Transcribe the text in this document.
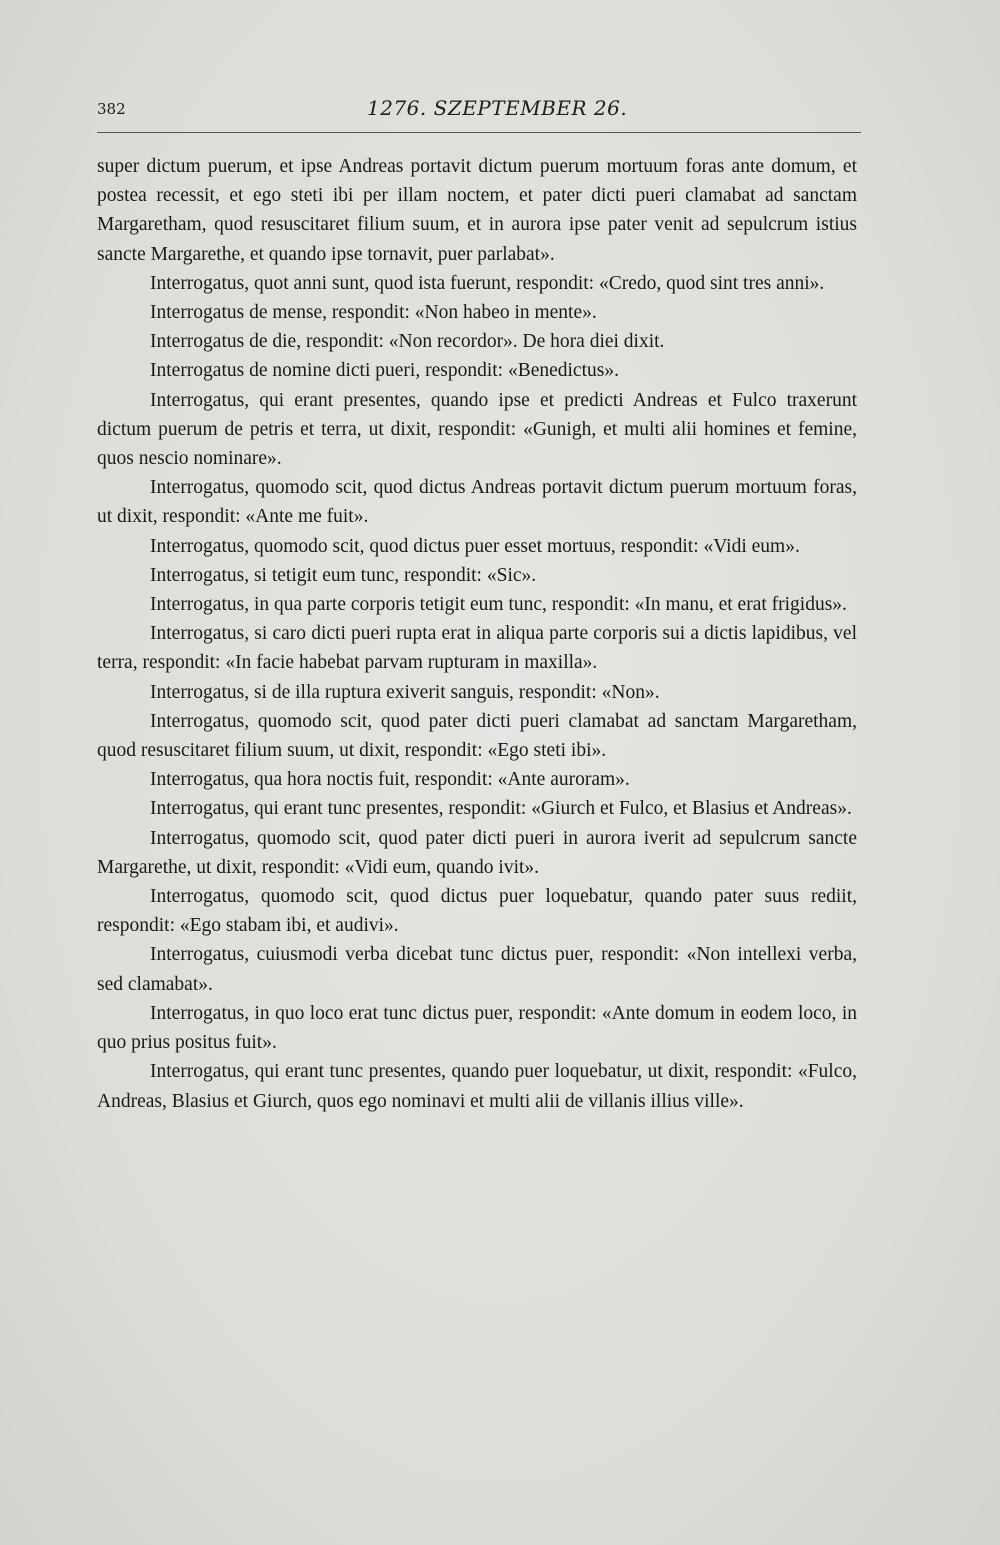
382	1276. SZEPTEMBER 26.

super dictum puerum, et ipse Andreas portavit dictum puerum mortuum foras ante domum, et postea recessit, et ego steti ibi per illam noctem, et pater dicti pueri clamabat ad sanctam Margaretham, quod resuscitaret filium suum, et in aurora ipse pater venit ad sepulcrum istius sancte Margarethe, et quando ipse tornavit, puer parlabat».

Interrogatus, quot anni sunt, quod ista fuerunt, respondit: «Credo, quod sint tres anni».

Interrogatus de mense, respondit: «Non habeo in mente».

Interrogatus de die, respondit: «Non recordor». De hora diei dixit.

Interrogatus de nomine dicti pueri, respondit: «Benedictus».

Interrogatus, qui erant presentes, quando ipse et predicti Andreas et Fulco traxerunt dictum puerum de petris et terra, ut dixit, respondit: «Gunigh, et multi alii homines et femine, quos nescio nominare».

Interrogatus, quomodo scit, quod dictus Andreas portavit dictum puerum mortuum foras, ut dixit, respondit: «Ante me fuit».

Interrogatus, quomodo scit, quod dictus puer esset mortuus, respondit: «Vidi eum».

Interrogatus, si tetigit eum tunc, respondit: «Sic».

Interrogatus, in qua parte corporis tetigit eum tunc, respondit: «In manu, et erat frigidus».

Interrogatus, si caro dicti pueri rupta erat in aliqua parte corporis sui a dictis lapidibus, vel terra, respondit: «In facie habebat parvam rupturam in maxilla».

Interrogatus, si de illa ruptura exiverit sanguis, respondit: «Non».

Interrogatus, quomodo scit, quod pater dicti pueri clamabat ad sanctam Margaretham, quod resuscitaret filium suum, ut dixit, respondit: «Ego steti ibi».

Interrogatus, qua hora noctis fuit, respondit: «Ante auroram».

Interrogatus, qui erant tunc presentes, respondit: «Giurch et Fulco, et Blasius et Andreas».

Interrogatus, quomodo scit, quod pater dicti pueri in aurora iverit ad sepulcrum sancte Margarethe, ut dixit, respondit: «Vidi eum, quando ivit».

Interrogatus, quomodo scit, quod dictus puer loquebatur, quando pater suus rediit, respondit: «Ego stabam ibi, et audivi».

Interrogatus, cuiusmodi verba dicebat tunc dictus puer, respondit: «Non intellexi verba, sed clamabat».

Interrogatus, in quo loco erat tunc dictus puer, respondit: «Ante domum in eodem loco, in quo prius positus fuit».

Interrogatus, qui erant tunc presentes, quando puer loquebatur, ut dixit, respondit: «Fulco, Andreas, Blasius et Giurch, quos ego nominavi et multi alii de villanis illius ville».
